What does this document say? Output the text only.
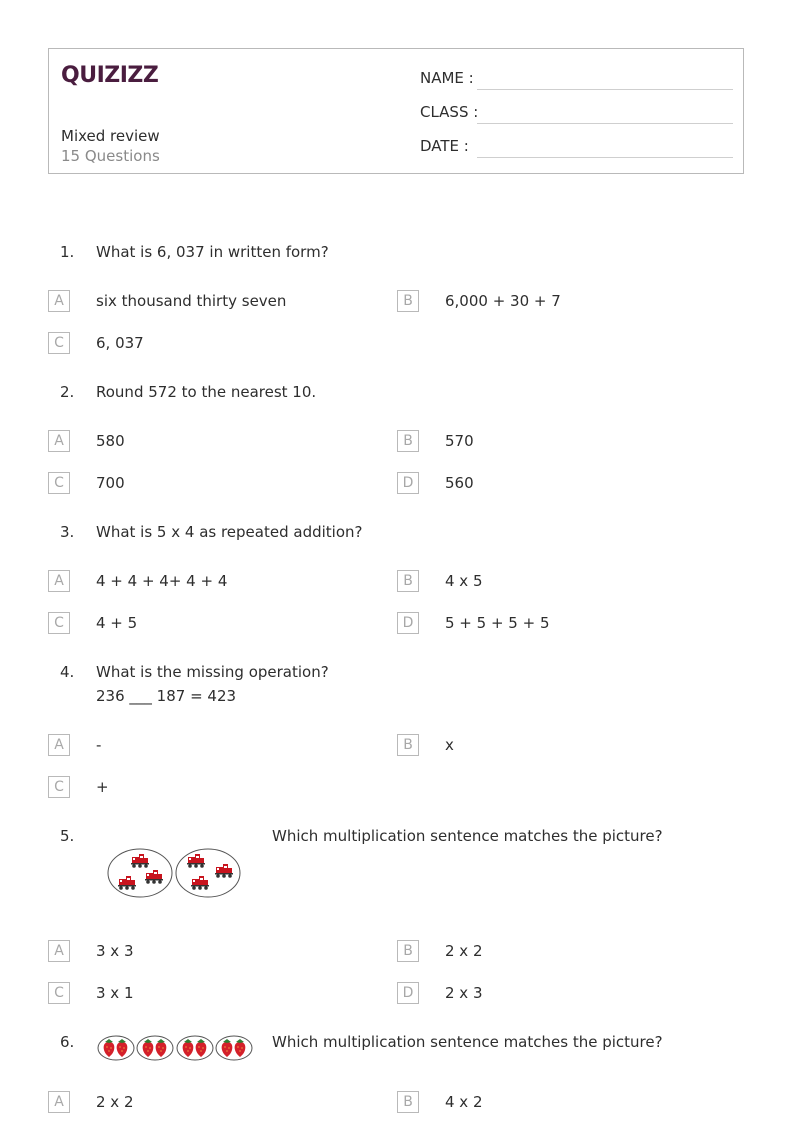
QUIZIZZ
Mixed review
15 Questions
NAME :
CLASS :
DATE :
1. What is 6, 037 in written form?
A	six thousand thirty seven	B	6,000 + 30 + 7
C	6, 037
2. Round 572 to the nearest 10.
A	580	B	570
C	700	D	560
3. What is 5 x 4 as repeated addition?
A	4 + 4 + 4+ 4 + 4	B	4 x 5
C	4 + 5	D	5 + 5 + 5 + 5
4. What is the missing operation?
236 ___ 187 = 423
A	-	B	x
C	+
5.	Which multiplication sentence matches the picture?
A	3 x 3	B	2 x 2
C	3 x 1	D	2 x 3
6.	Which multiplication sentence matches the picture?
A	2 x 2	B	4 x 2
